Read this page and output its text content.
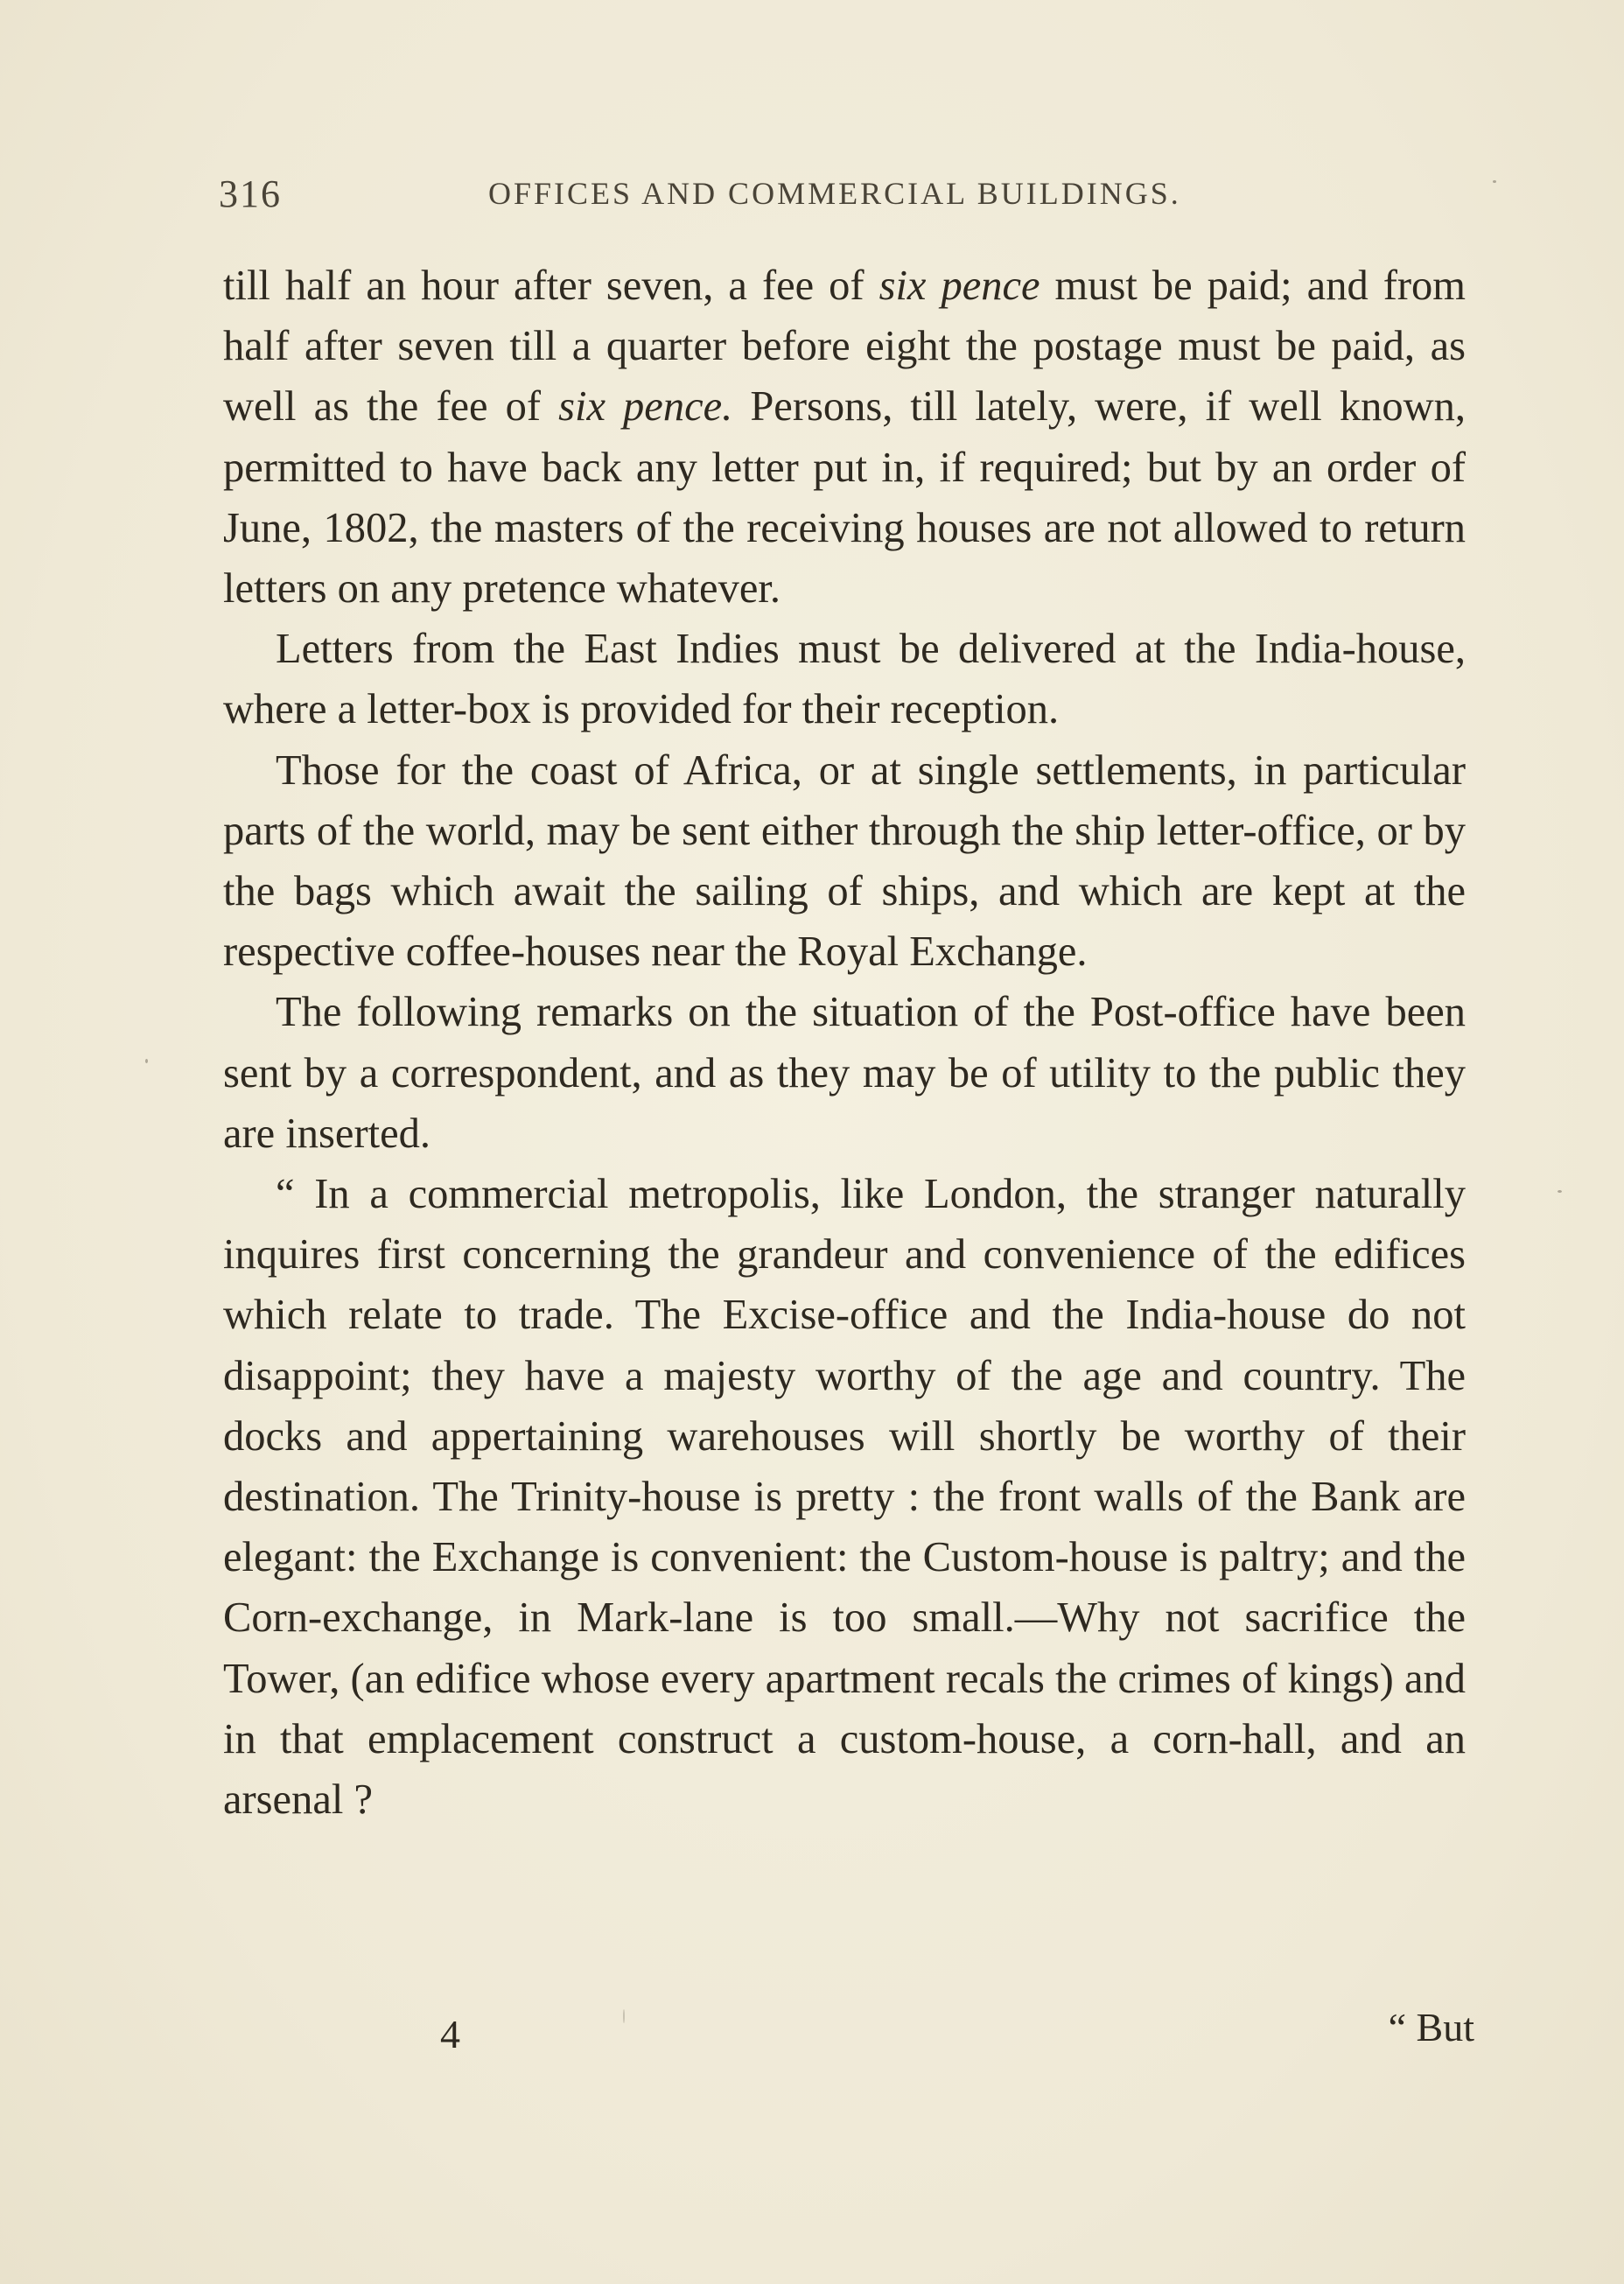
316	OFFICES AND COMMERCIAL BUILDINGS.

till half an hour after seven, a fee of six pence must be paid; and from half after seven till a quarter before eight the postage must be paid, as well as the fee of six pence. Persons, till lately, were, if well known, permitted to have back any letter put in, if required; but by an order of June, 1802, the masters of the receiving houses are not allowed to return letters on any pretence whatever.

Letters from the East Indies must be delivered at the India-house, where a letter-box is provided for their reception.

Those for the coast of Africa, or at single settlements, in particular parts of the world, may be sent either through the ship letter-office, or by the bags which await the sailing of ships, and which are kept at the respective coffee-houses near the Royal Exchange.

The following remarks on the situation of the Post-office have been sent by a correspondent, and as they may be of utility to the public they are inserted.

“ In a commercial metropolis, like London, the stranger naturally inquires first concerning the grandeur and convenience of the edifices which relate to trade. The Excise-office and the India-house do not disappoint; they have a majesty worthy of the age and country. The docks and appertaining warehouses will shortly be worthy of their destination. The Trinity-house is pretty : the front walls of the Bank are elegant: the Exchange is convenient: the Custom-house is paltry; and the Corn-exchange, in Mark-lane is too small.—Why not sacrifice the Tower, (an edifice whose every apartment recals the crimes of kings) and in that emplacement construct a custom-house, a corn-hall, and an arsenal ?

4	“ But
